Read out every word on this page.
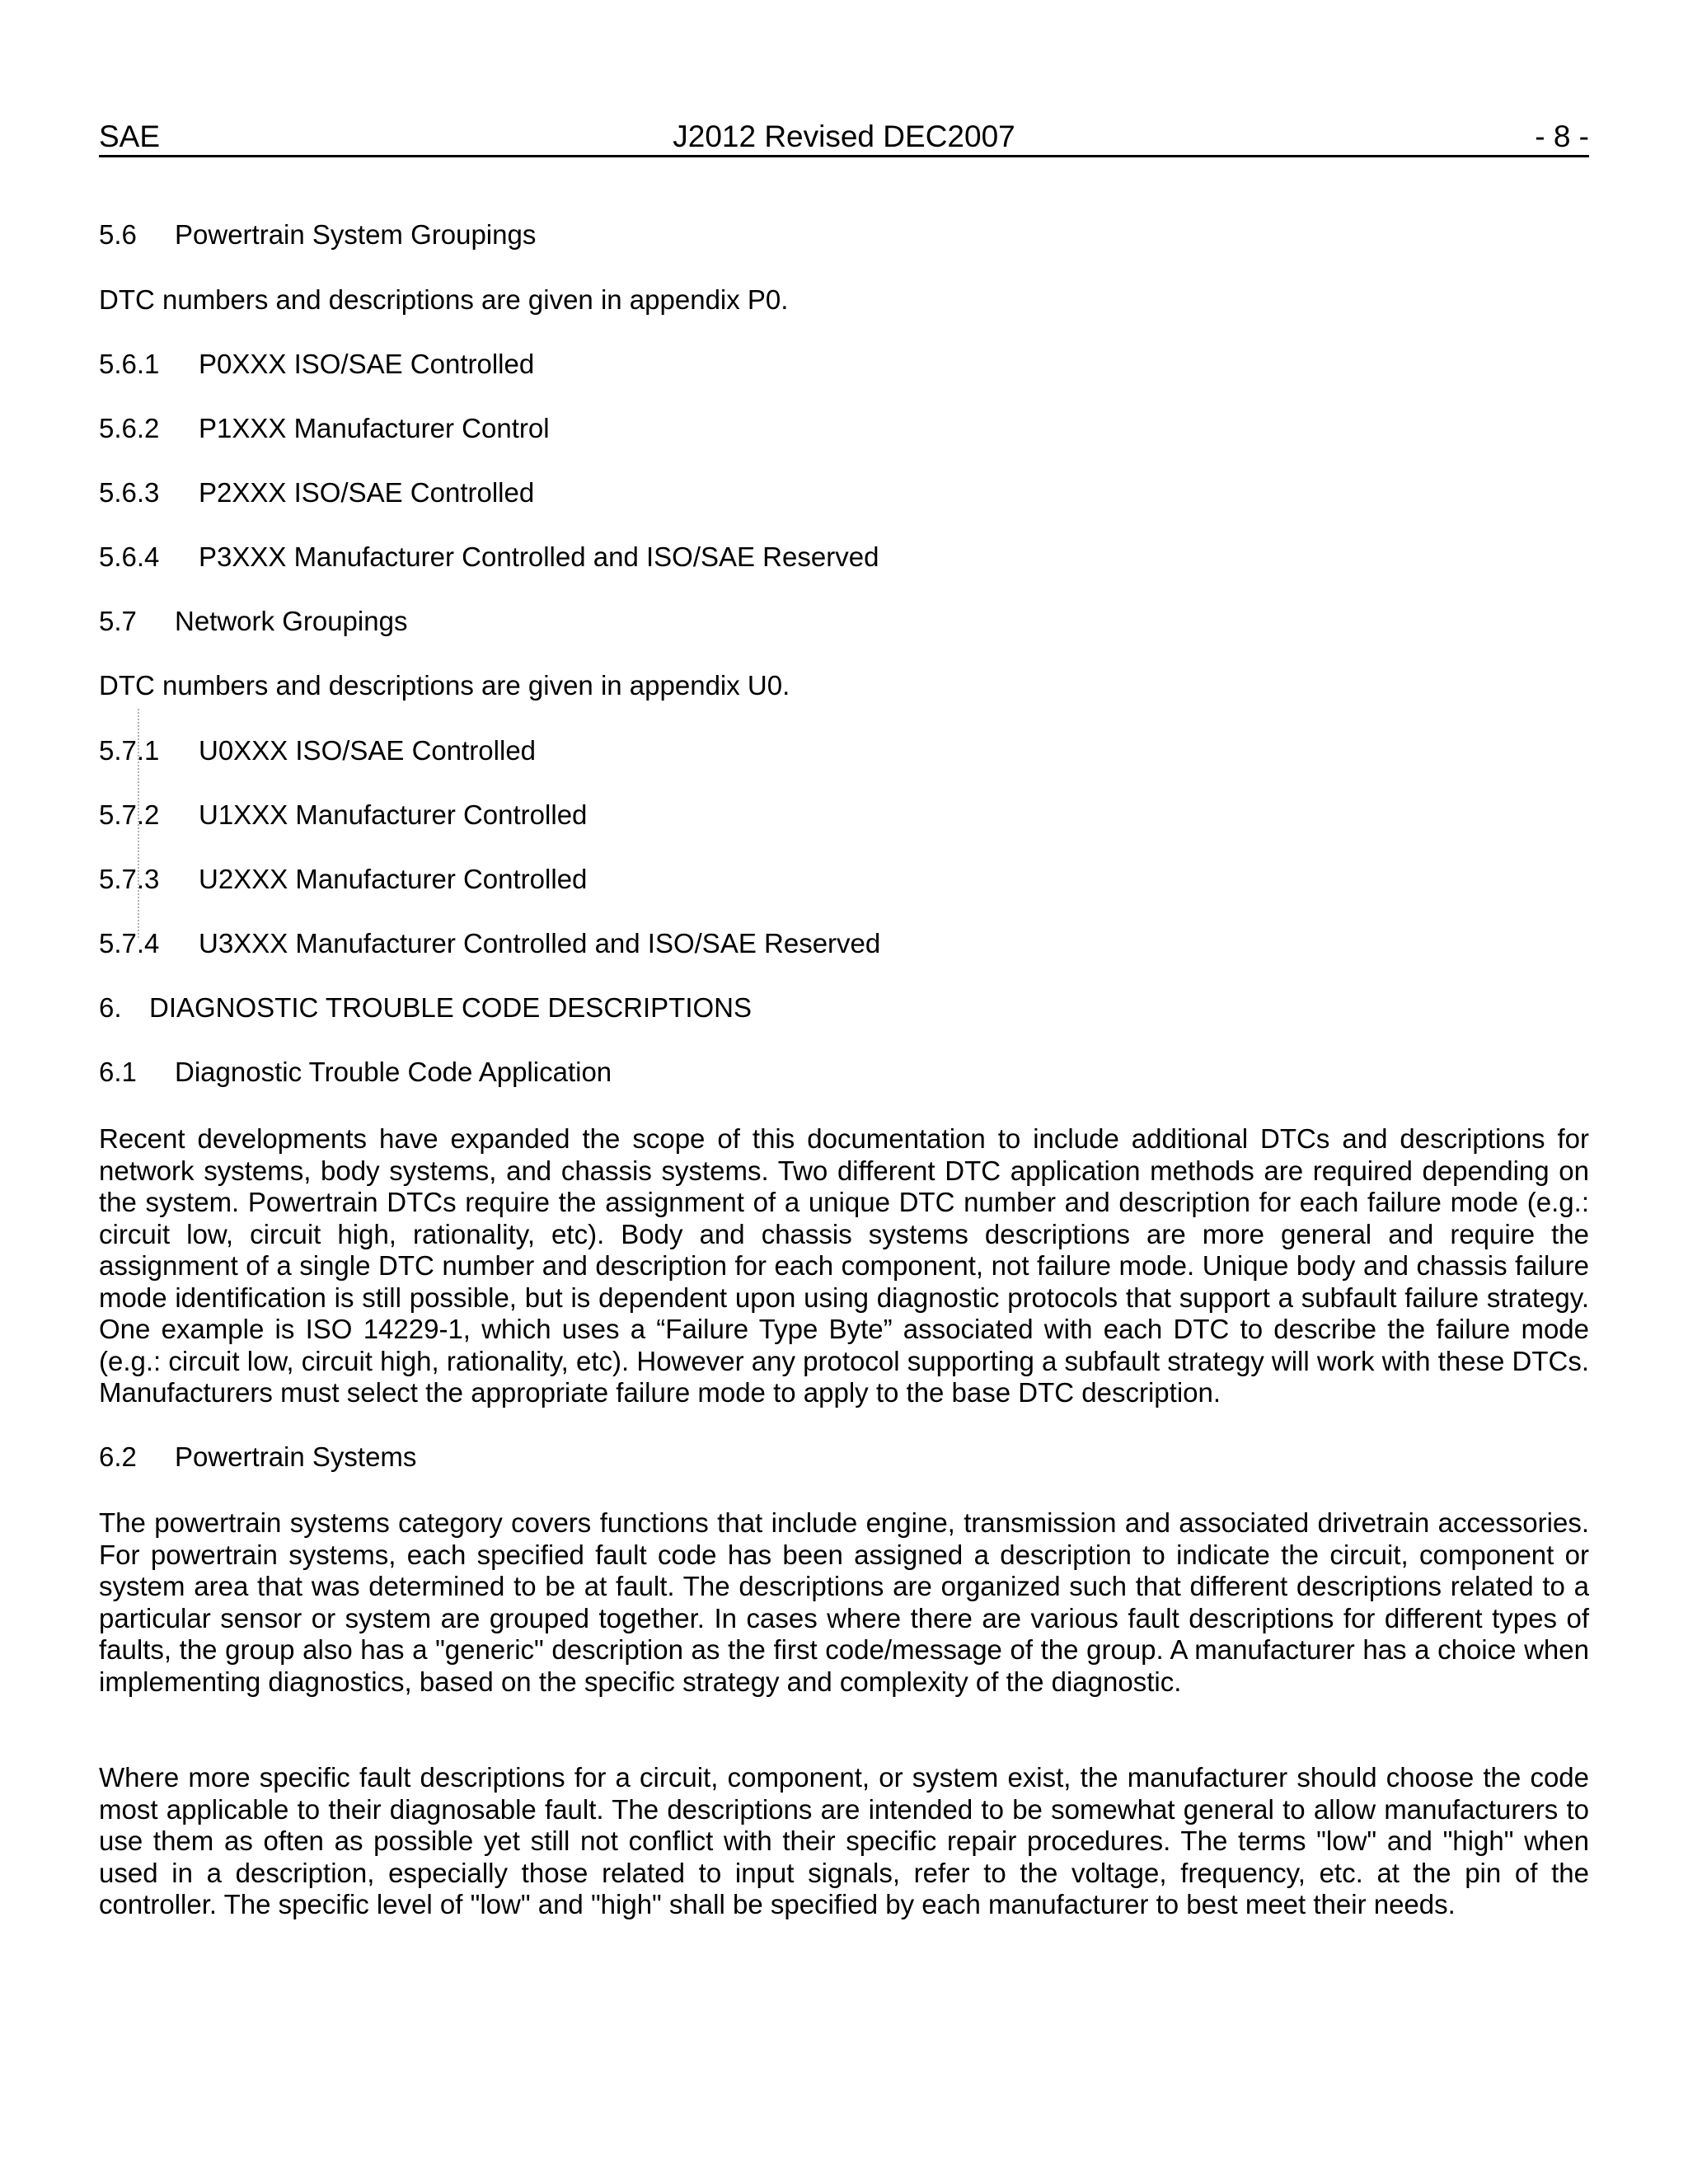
J2012 Revised DEC2007
SAE	- 8 -
5.6 Powertrain System Groupings
DTC numbers and descriptions are given in appendix P0.
5.6.1 P0XXX ISO/SAE Controlled
5.6.2 P1XXX Manufacturer Control
5.6.3 P2XXX ISO/SAE Controlled
5.6.4 P3XXX Manufacturer Controlled and ISO/SAE Reserved
5.7 Network Groupings
DTC numbers and descriptions are given in appendix U0.
5.7.1 U0XXX ISO/SAE Controlled
5.7.2 U1XXX Manufacturer Controlled
5.7.3 U2XXX Manufacturer Controlled
5.7.4 U3XXX Manufacturer Controlled and ISO/SAE Reserved
6. DIAGNOSTIC TROUBLE CODE DESCRIPTIONS
6.1 Diagnostic Trouble Code Application

Recent developments have expanded the scope of this documentation to include additional DTCs and descriptions for network systems, body systems, and chassis systems. Two different DTC application methods are required depending on the system. Powertrain DTCs require the assignment of a unique DTC number and description for each failure mode (e.g.: circuit low, circuit high, rationality, etc). Body and chassis systems descriptions are more general and require the assignment of a single DTC number and description for each component, not failure mode. Unique body and chassis failure mode identification is still possible, but is dependent upon using diagnostic protocols that support a subfault failure strategy. One example is ISO 14229-1, which uses a “Failure Type Byte” associated with each DTC to describe the failure mode (e.g.: circuit low, circuit high, rationality, etc). However any protocol supporting a subfault strategy will work with these DTCs. Manufacturers must select the appropriate failure mode to apply to the base DTC description.

6.2 Powertrain Systems

The powertrain systems category covers functions that include engine, transmission and associated drivetrain accessories. For powertrain systems, each specified fault code has been assigned a description to indicate the circuit, component or system area that was determined to be at fault. The descriptions are organized such that different descriptions related to a particular sensor or system are grouped together. In cases where there are various fault descriptions for different types of faults, the group also has a "generic" description as the first code/message of the group. A manufacturer has a choice when implementing diagnostics, based on the specific strategy and complexity of the diagnostic.

Where more specific fault descriptions for a circuit, component, or system exist, the manufacturer should choose the code most applicable to their diagnosable fault. The descriptions are intended to be somewhat general to allow manufacturers to use them as often as possible yet still not conflict with their specific repair procedures. The terms "low" and "high" when used in a description, especially those related to input signals, refer to the voltage, frequency, etc. at the pin of the controller. The specific level of "low" and "high" shall be specified by each manufacturer to best meet their needs.
